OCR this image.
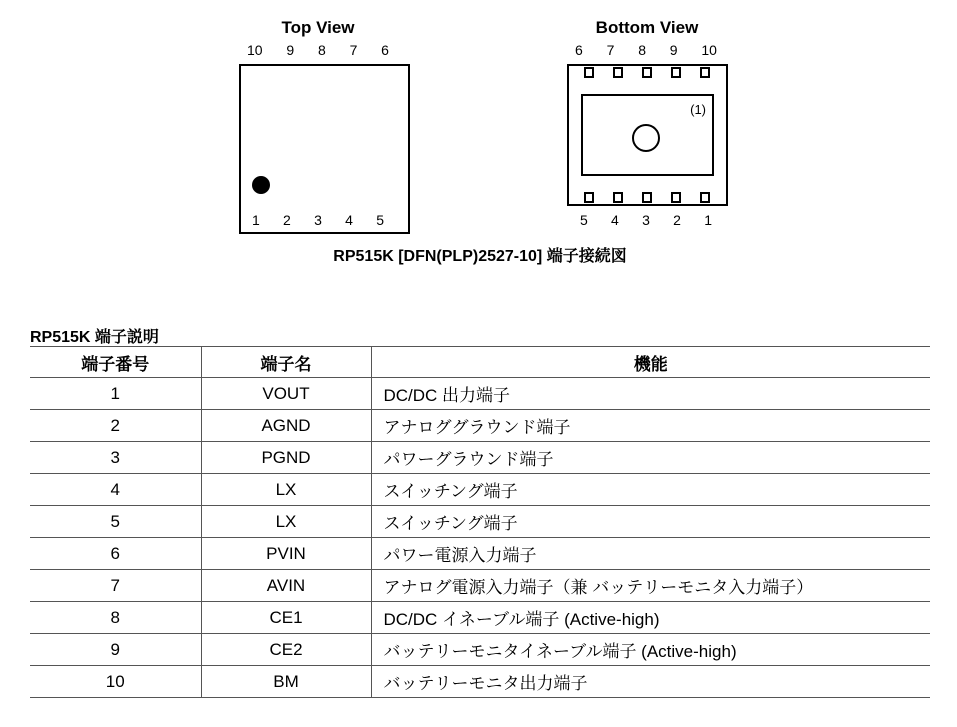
Top View
10 9 8 7 6
1 2 3 4 5
Bottom View
6 7 8 9 10
(1)
5 4 3 2 1
RP515K [DFN(PLP)2527-10] 端子接続図
RP515K 端子説明
端子番号	端子名	機能
1	VOUT	DC/DC 出力端子
2	AGND	アナロググラウンド端子
3	PGND	パワーグラウンド端子
4	LX	スイッチング端子
5	LX	スイッチング端子
6	PVIN	パワー電源入力端子
7	AVIN	アナログ電源入力端子（兼 バッテリーモニタ入力端子）
8	CE1	DC/DC イネーブル端子 (Active-high)
9	CE2	バッテリーモニタイネーブル端子 (Active-high)
10	BM	バッテリーモニタ出力端子
